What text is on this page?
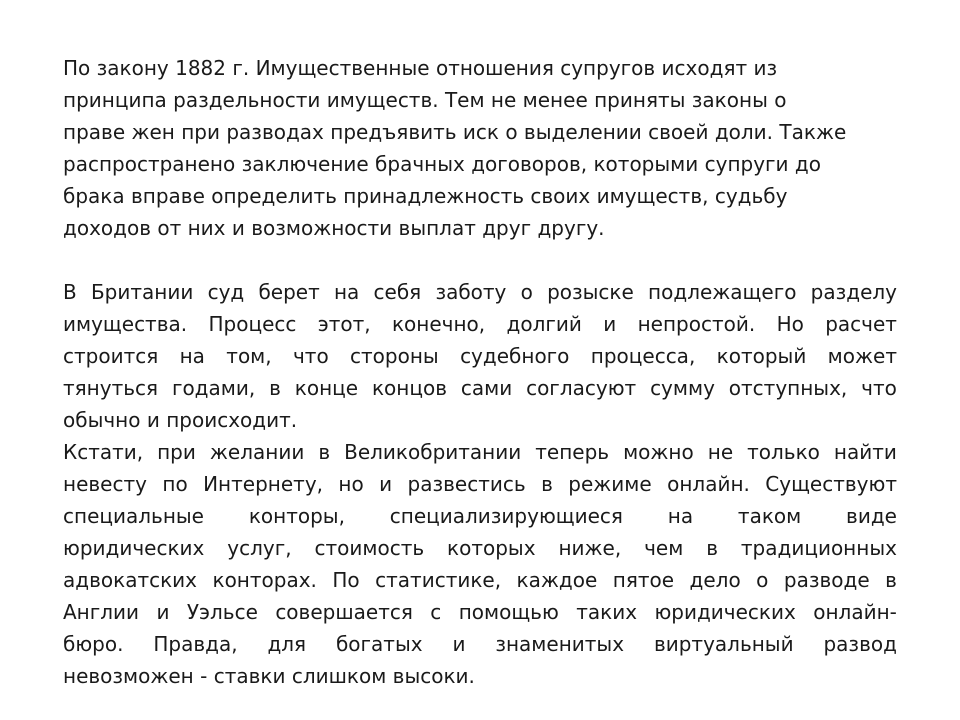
По закону 1882 г. Имущественные отношения супругов исходят из
принципа раздельности имуществ. Тем не менее приняты законы о
праве жен при разводах предъявить иск о выделении своей доли. Также
распространено заключение брачных договоров, которыми супруги до
брака вправе определить принадлежность своих имуществ, судьбу
доходов от них и возможности выплат друг другу.
В Британии суд берет на себя заботу о розыске подлежащего разделу
имущества. Процесс этот, конечно, долгий и непростой. Но расчет
строится на том, что стороны судебного процесса, который может
тянуться годами, в конце концов сами согласуют сумму отступных, что
обычно и происходит.
Кстати, при желании в Великобритании теперь можно не только найти
невесту по Интернету, но и развестись в режиме онлайн. Существуют
специальные конторы, специализирующиеся на таком виде
юридических услуг, стоимость которых ниже, чем в традиционных
адвокатских конторах. По статистике, каждое пятое дело о разводе в
Англии и Уэльсе совершается с помощью таких юридических онлайн-
бюро. Правда, для богатых и знаменитых виртуальный развод
невозможен - ставки слишком высоки.
